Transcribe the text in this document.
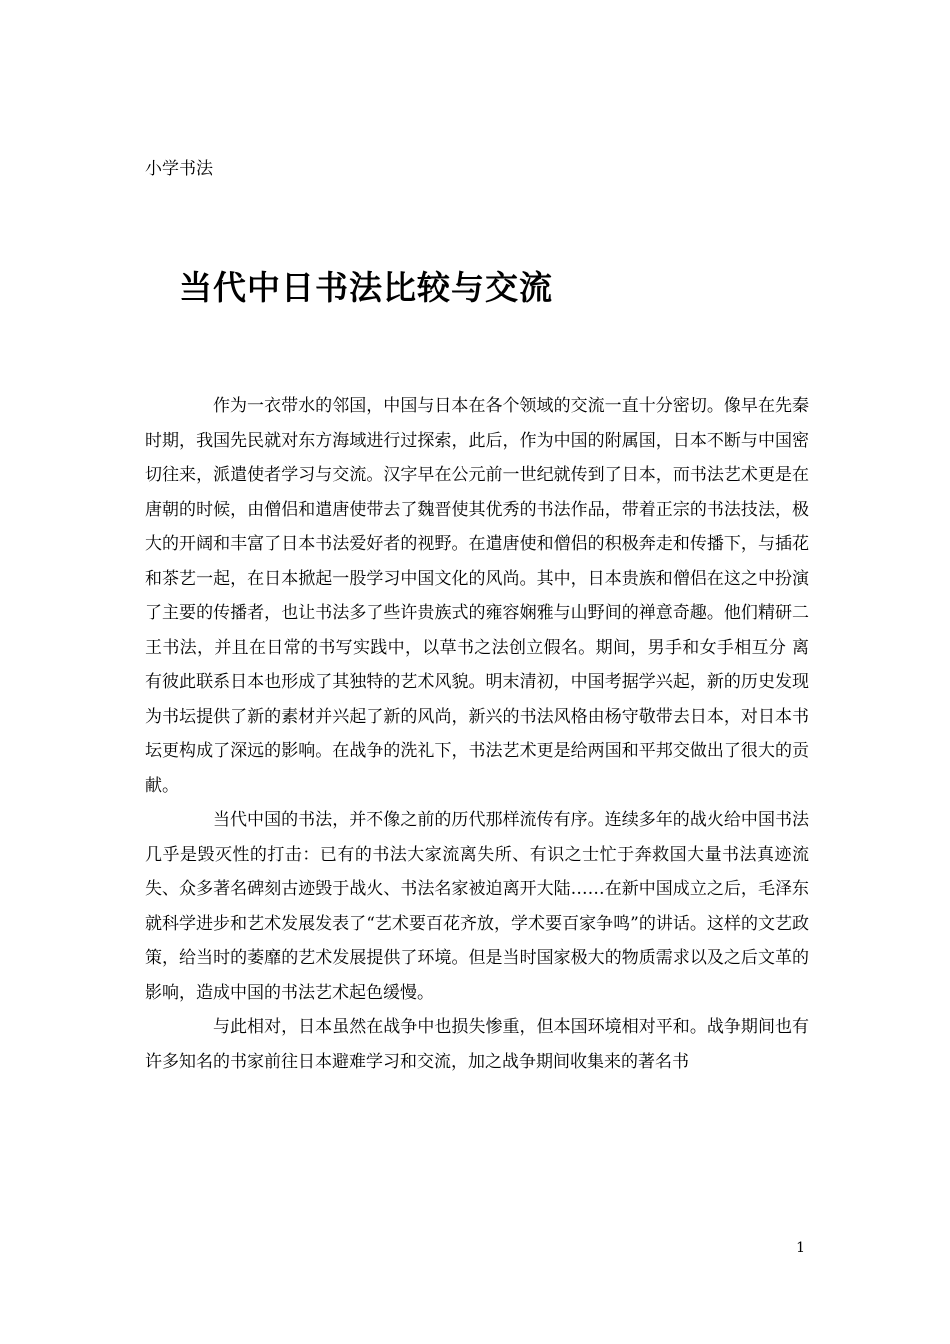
小学书法
当代中日书法比较与交流

作为一衣带水的邻国，中国与日本在各个领域的交流一直十分密切。像早在先秦时期，我国先民就对东方海域进行过探索，此后，作为中国的附属国，日本不断与中国密切往来，派遣使者学习与交流。汉字早在公元前一世纪就传到了日本，而书法艺术更是在唐朝的时候，由僧侣和遣唐使带去了魏晋使其优秀的书法作品，带着正宗的书法技法，极大的开阔和丰富了日本书法爱好者的视野。在遣唐使和僧侣的积极奔走和传播下，与插花和茶艺一起，在日本掀起一股学习中国文化的风尚。其中，日本贵族和僧侣在这之中扮演了主要的传播者，也让书法多了些许贵族式的雍容娴雅与山野间的禅意奇趣。他们精研二王书法，并且在日常的书写实践中，以草书之法创立假名。期间，男手和女手相互分 离有彼此联系日本也形成了其独特的艺术风貌。明末清初，中国考据学兴起，新的历史发现为书坛提供了新的素材并兴起了新的风尚，新兴的书法风格由杨守敬带去日本，对日本书坛更构成了深远的影响。在战争的洗礼下，书法艺术更是给两国和平邦交做出了很大的贡献。

当代中国的书法，并不像之前的历代那样流传有序。连续多年的战火给中国书法几乎是毁灭性的打击：已有的书法大家流离失所、有识之士忙于奔救国大量书法真迹流失、众多著名碑刻古迹毁于战火、书法名家被迫离开大陆……在新中国成立之后，毛泽东就科学进步和艺术发展发表了“艺术要百花齐放，学术要百家争鸣”的讲话。这样的文艺政策，给当时的萎靡的艺术发展提供了环境。但是当时国家极大的物质需求以及之后文革的影响，造成中国的书法艺术起色缓慢。

与此相对，日本虽然在战争中也损失惨重，但本国环境相对平和。战争期间也有许多知名的书家前往日本避难学习和交流，加之战争期间收集来的著名书

1
